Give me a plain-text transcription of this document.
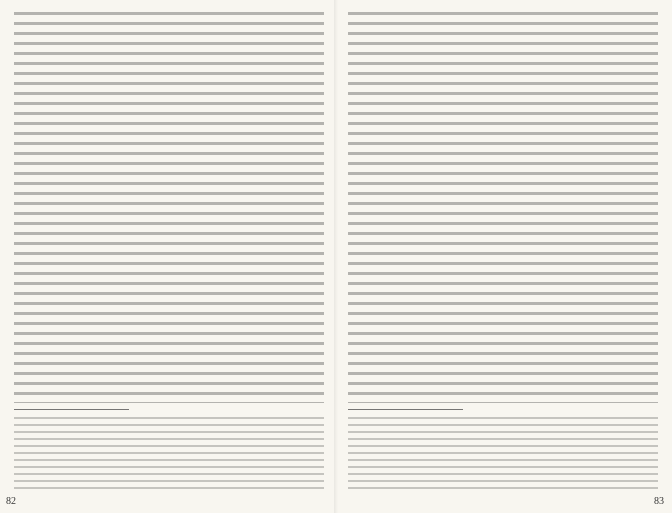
82	83
